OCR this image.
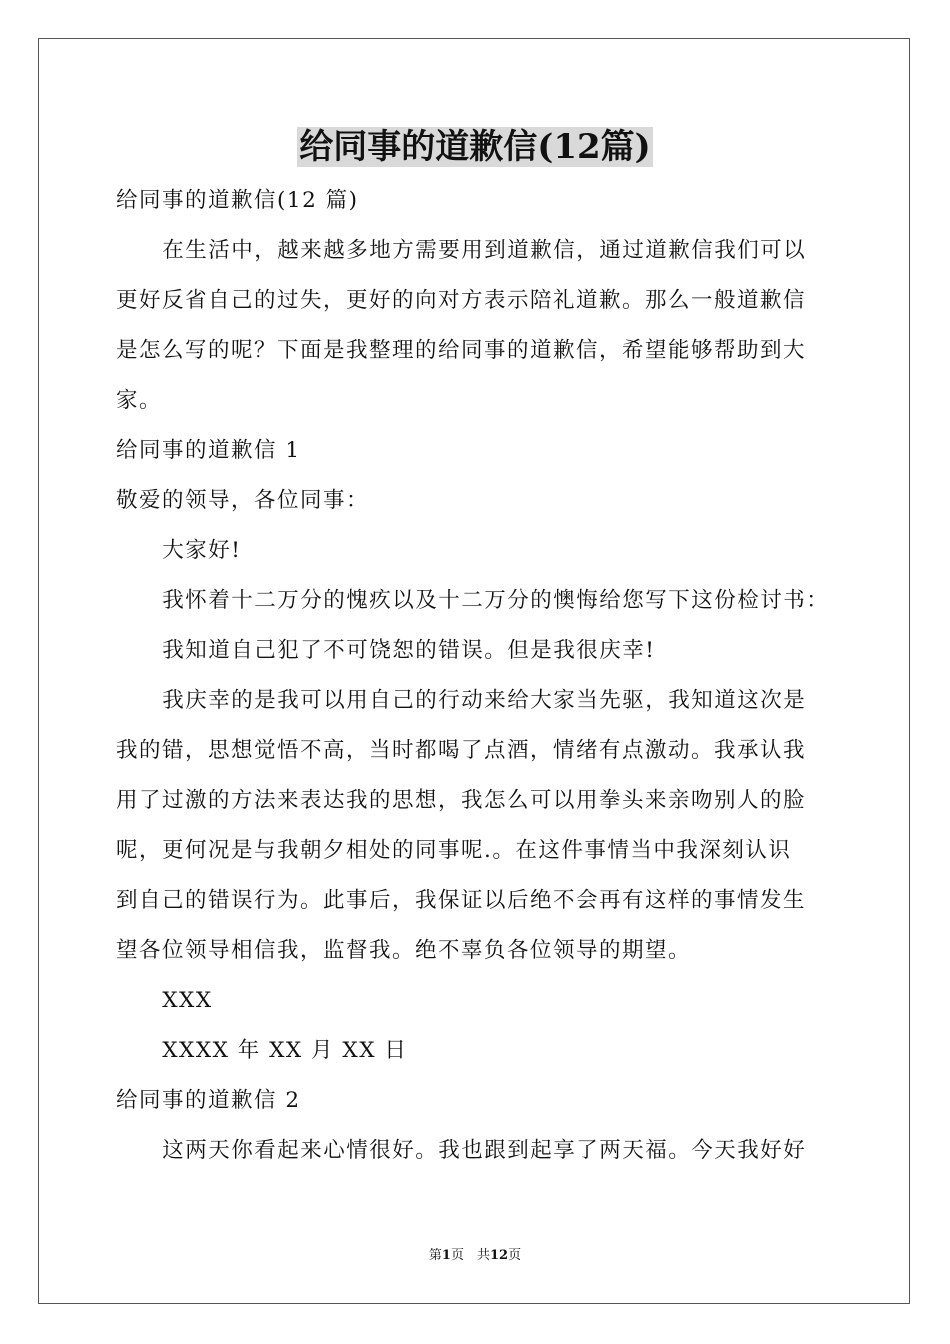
给同事的道歉信(12篇)
给同事的道歉信(12 篇)
在生活中，越来越多地方需要用到道歉信，通过道歉信我们可以
更好反省自己的过失，更好的向对方表示陪礼道歉。那么一般道歉信
是怎么写的呢？下面是我整理的给同事的道歉信，希望能够帮助到大
家。
给同事的道歉信 1
敬爱的领导，各位同事：
大家好!
我怀着十二万分的愧疚以及十二万分的懊悔给您写下这份检讨书：
我知道自己犯了不可饶恕的错误。但是我很庆幸!
我庆幸的是我可以用自己的行动来给大家当先驱，我知道这次是
我的错，思想觉悟不高，当时都喝了点酒，情绪有点激动。我承认我
用了过激的方法来表达我的思想，我怎么可以用拳头来亲吻别人的脸
呢，更何况是与我朝夕相处的同事呢.。在这件事情当中我深刻认识
到自己的错误行为。此事后，我保证以后绝不会再有这样的事情发生
望各位领导相信我，监督我。绝不辜负各位领导的期望。
XXX
XXXX 年 XX 月 XX 日
给同事的道歉信 2
这两天你看起来心情很好。我也跟到起享了两天福。今天我好好
第1页　共12页
